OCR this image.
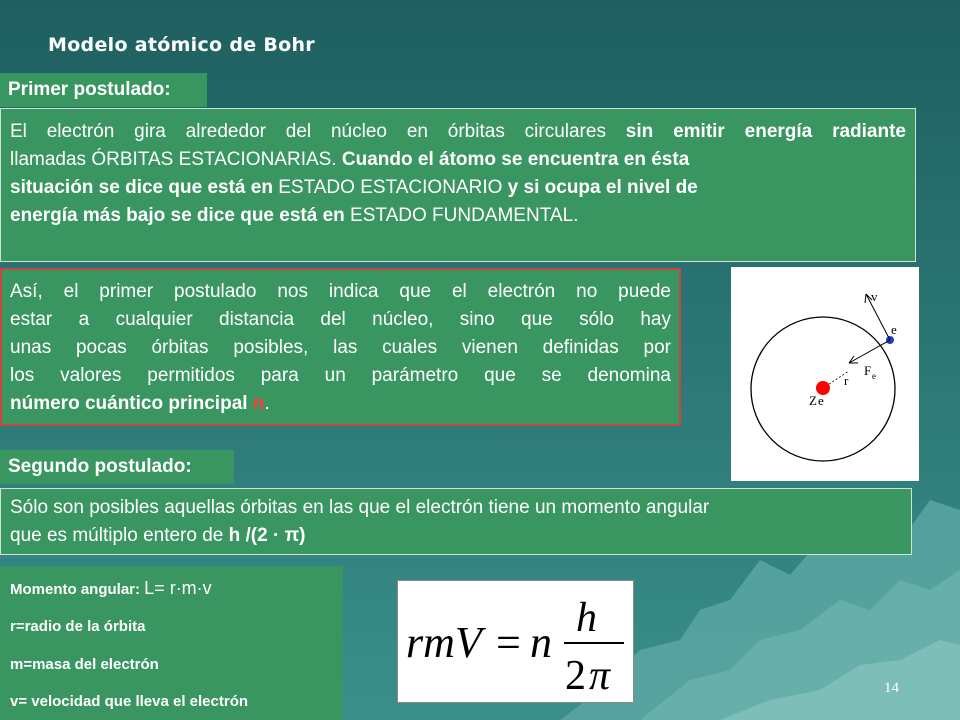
Modelo atómico de Bohr
Primer postulado:
El electrón gira alrededor del núcleo en órbitas circulares sin emitir energía radiante
llamadas ÓRBITAS ESTACIONARIAS. Cuando el átomo se encuentra en ésta
situación se dice que está en ESTADO ESTACIONARIO y si ocupa el nivel de
energía más bajo se dice que está en ESTADO FUNDAMENTAL.
Así, el primer postulado nos indica que el electrón no puede
estar a cualquier distancia del núcleo, sino que sólo hay
unas pocas órbitas posibles, las cuales vienen definidas por
los valores permitidos para un parámetro que se denomina
número cuántico principal n.
v
e
F e
r
Z e
Segundo postulado:
Sólo son posibles aquellas órbitas en las que el electrón tiene un momento angular
que es múltiplo entero de h /(2 · π)
Momento angular: L= r·m·v
r=radio de la órbita
m=masa del electrón
v= velocidad que lleva el electrón
rmV = n h
2 π	14
